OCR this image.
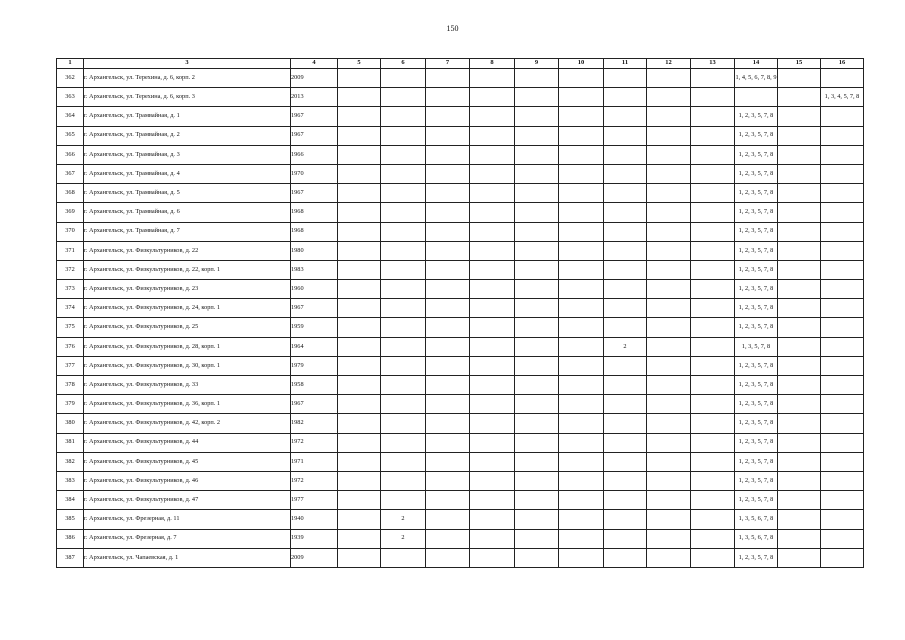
150
1	3	4	5	6	7	8	9	10	11	12	13	14	15	16
362	г. Архангельск, ул. Терехина, д. 6, корп. 2	2009										1, 4, 5, 6, 7, 8, 9		
363	г. Архангельск, ул. Терехина, д. 6, корп. 3	2013												1, 3, 4, 5, 7, 8
364	г. Архангельск, ул. Трамвайная, д. 1	1967										1, 2, 3, 5, 7, 8		
365	г. Архангельск, ул. Трамвайная, д. 2	1967										1, 2, 3, 5, 7, 8		
366	г. Архангельск, ул. Трамвайная, д. 3	1966										1, 2, 3, 5, 7, 8		
367	г. Архангельск, ул. Трамвайная, д. 4	1970										1, 2, 3, 5, 7, 8		
368	г. Архангельск, ул. Трамвайная, д. 5	1967										1, 2, 3, 5, 7, 8		
369	г. Архангельск, ул. Трамвайная, д. 6	1968										1, 2, 3, 5, 7, 8		
370	г. Архангельск, ул. Трамвайная, д. 7	1968										1, 2, 3, 5, 7, 8		
371	г. Архангельск, ул. Физкультурников, д. 22	1980										1, 2, 3, 5, 7, 8		
372	г. Архангельск, ул. Физкультурников, д. 22, корп. 1	1983										1, 2, 3, 5, 7, 8		
373	г. Архангельск, ул. Физкультурников, д. 23	1960										1, 2, 3, 5, 7, 8		
374	г. Архангельск, ул. Физкультурников, д. 24, корп. 1	1967										1, 2, 3, 5, 7, 8		
375	г. Архангельск, ул. Физкультурников, д. 25	1959										1, 2, 3, 5, 7, 8		
376	г. Архангельск, ул. Физкультурников, д. 28, корп. 1	1964							2			1, 3, 5, 7, 8		
377	г. Архангельск, ул. Физкультурников, д. 30, корп. 1	1979										1, 2, 3, 5, 7, 8		
378	г. Архангельск, ул. Физкультурников, д. 33	1958										1, 2, 3, 5, 7, 8		
379	г. Архангельск, ул. Физкультурников, д. 36, корп. 1	1967										1, 2, 3, 5, 7, 8		
380	г. Архангельск, ул. Физкультурников, д. 42, корп. 2	1982										1, 2, 3, 5, 7, 8		
381	г. Архангельск, ул. Физкультурников, д. 44	1972										1, 2, 3, 5, 7, 8		
382	г. Архангельск, ул. Физкультурников, д. 45	1971										1, 2, 3, 5, 7, 8		
383	г. Архангельск, ул. Физкультурников, д. 46	1972										1, 2, 3, 5, 7, 8		
384	г. Архангельск, ул. Физкультурников, д. 47	1977										1, 2, 3, 5, 7, 8		
385	г. Архангельск, ул. Фрезерная, д. 11	1940		2								1, 3, 5, 6, 7, 8		
386	г. Архангельск, ул. Фрезерная, д. 7	1939		2								1, 3, 5, 6, 7, 8		
387	г. Архангельск, ул. Чапаевская, д. 1	2009										1, 2, 3, 5, 7, 8		
